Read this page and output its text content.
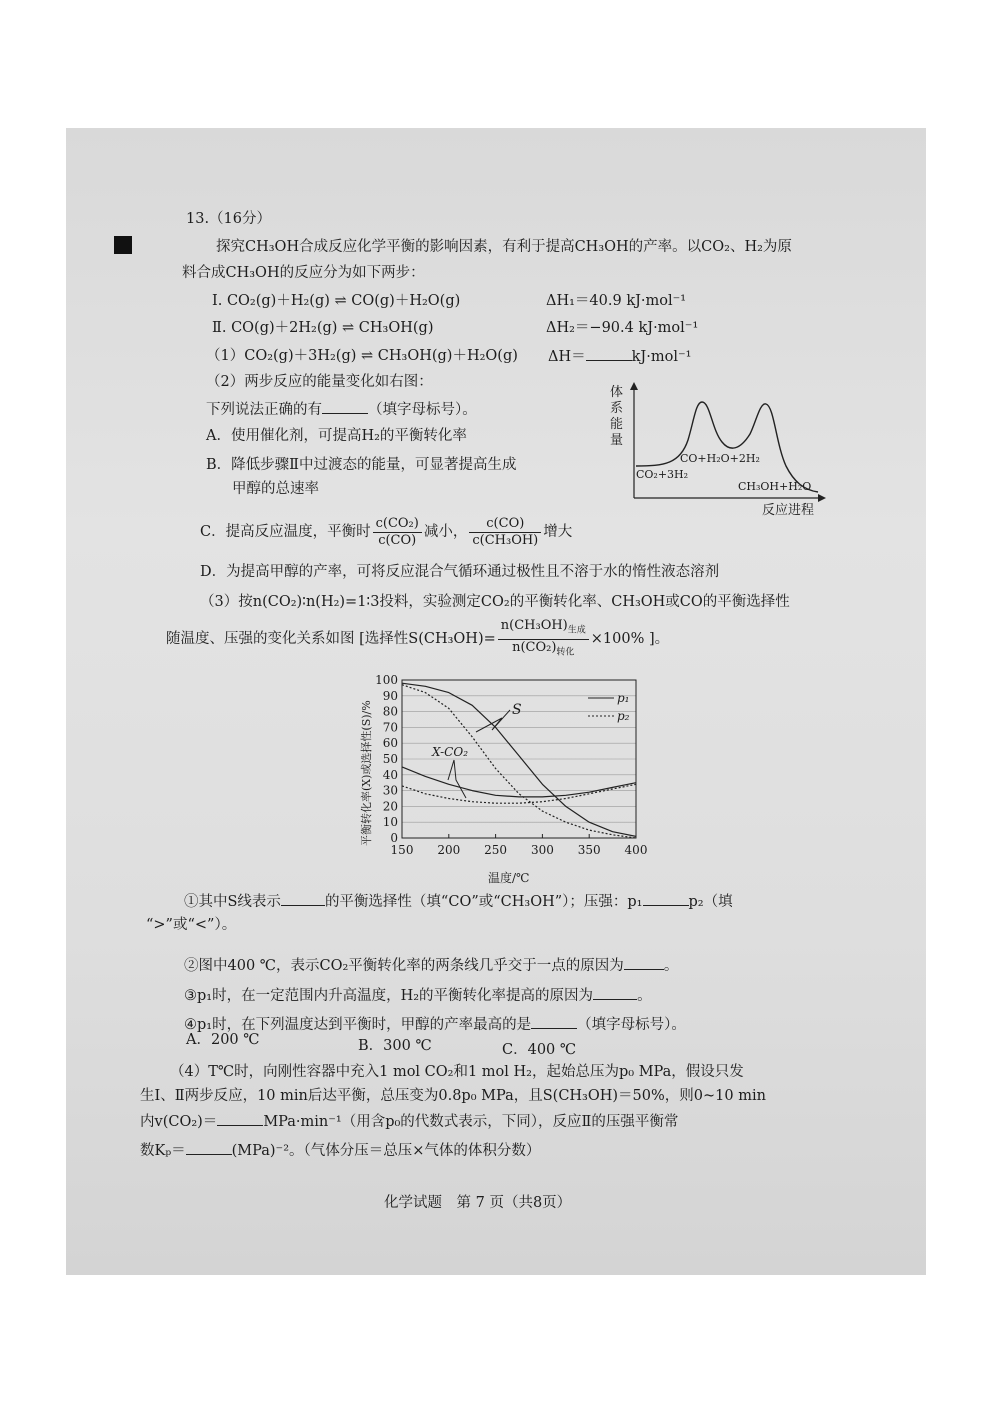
13.（16分）
探究CH₃OH合成反应化学平衡的影响因素，有利于提高CH₃OH的产率。以CO₂、H₂为原
料合成CH₃OH的反应分为如下两步：
Ⅰ. CO₂(g)＋H₂(g) ⇌ CO(g)＋H₂O(g)	ΔH₁＝40.9 kJ·mol⁻¹
Ⅱ. CO(g)＋2H₂(g) ⇌ CH₃OH(g)	ΔH₂＝−90.4 kJ·mol⁻¹
（1）CO₂(g)＋3H₂(g) ⇌ CH₃OH(g)＋H₂O(g) ΔH＝	kJ·mol⁻¹
（2）两步反应的能量变化如右图：
下列说法正确的有	（填字母标号）。
A．使用催化剂，可提高H₂的平衡转化率
B．降低步骤Ⅱ中过渡态的能量，可显著提高生成
甲醇的总速率
C．提高反应温度，平衡时 $\frac{\text{c(CO₂)}}{c(CO)}$ 减小， $\frac{c(CO)}{\text{c(CH₃OH)}}$ 增大
体
系
能
量
CO₂+3H₂
CO+H₂O+2H₂
CH₃OH+H₂O
反应进程
D．为提高甲醇的产率，可将反应混合气循环通过极性且不溶于水的惰性液态溶剂
（3）按n(CO₂)∶n(H₂)=1∶3投料，实验测定CO₂的平衡转化率、CH₃OH或CO的平衡选择性
随温度、压强的变化关系如图 [选择性$S(CH_3OH)= \frac{n(CH_3OH)_{生成}}{n(CO_2)_{转化}} \times 100\%$ ]。
0
10
20
30
40
50
60
70
80
90
100
150 200 250 300 350 400
平衡转化率(X)或选择性(S)/%
温度/℃
p₁
p₂
S
X-CO₂
①其中S线表示	的平衡选择性（填“CO”或“CH₃OH”）；压强：p₁	p₂（填
“>”或“<”）。
②图中400 ℃，表示CO₂平衡转化率的两条线几乎交于一点的原因为	。
③p₁时，在一定范围内升高温度，H₂的平衡转化率提高的原因为	。
④p₁时，在下列温度达到平衡时，甲醇的产率最高的是	（填字母标号）。
A．200 ℃	B．300 ℃	C．400 ℃
（4）T℃时，向刚性容器中充入1 mol CO₂和1 mol H₂，起始总压为p₀ MPa，假设只发
生Ⅰ、Ⅱ两步反应，10 min后达平衡，总压变为0.8p₀ MPa，且S(CH₃OH)＝50%，则0~10 min
内v(CO₂)＝	MPa·min⁻¹（用含p₀的代数式表示，下同），反应Ⅱ的压强平衡常
数Kₚ＝	(MPa)⁻²。（气体分压＝总压×气体的体积分数）
化学试题　第 7 页（共8页）
